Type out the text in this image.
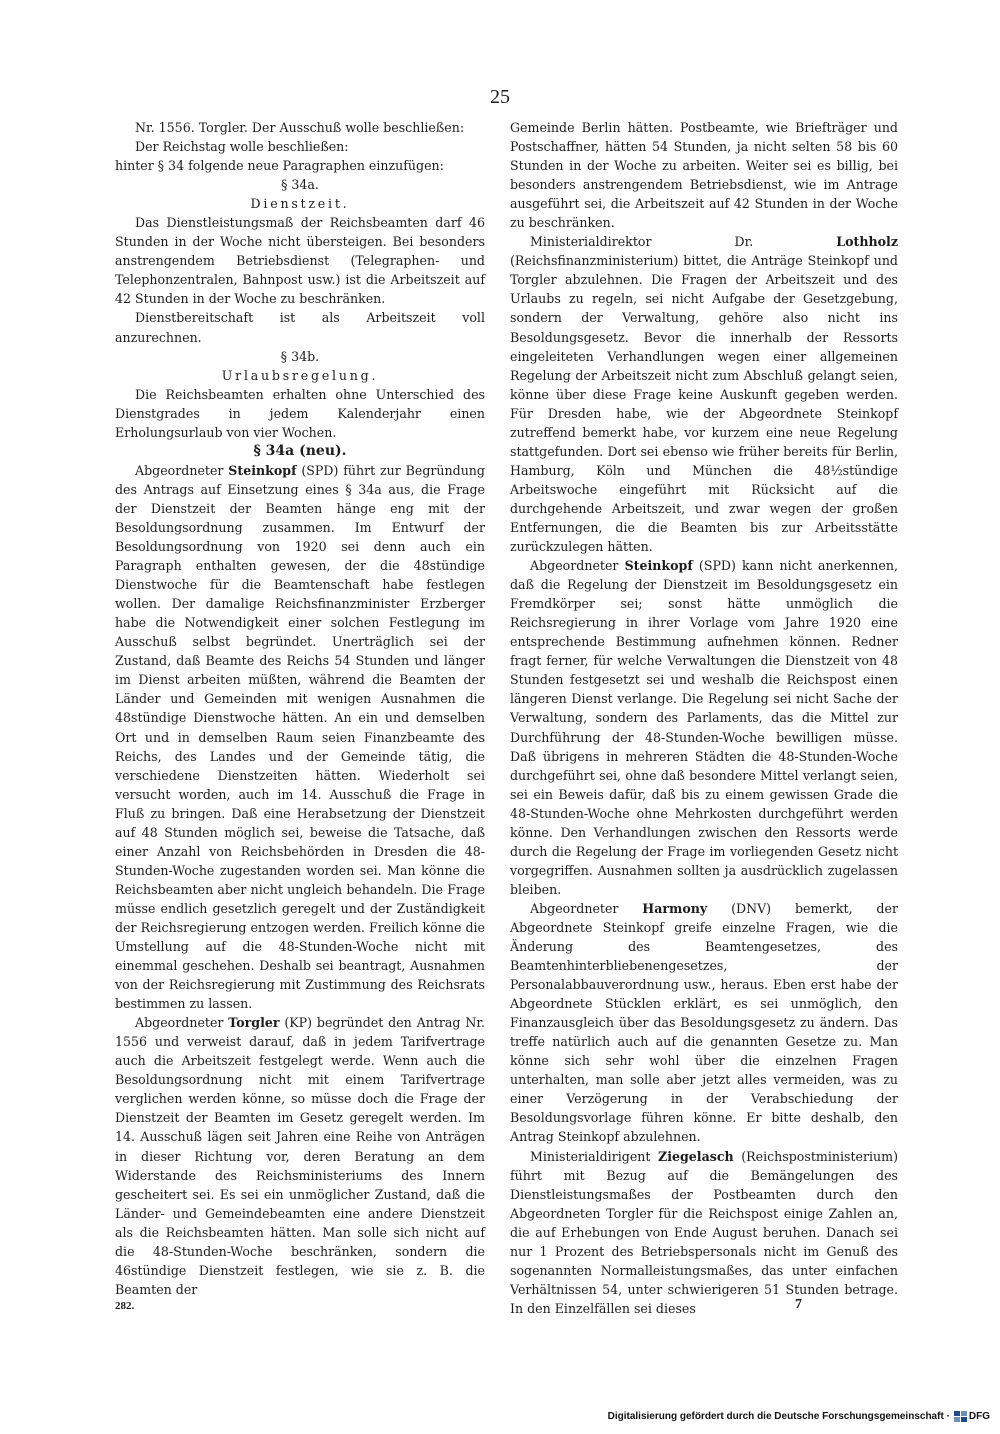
25

Nr. 1556. Torgler. Der Ausschuß wolle beschließen:

Der Reichstag wolle beschließen:

hinter § 34 folgende neue Paragraphen einzufügen:

§ 34a.

Dienstzeit.

Das Dienstleistungsmaß der Reichsbeamten darf 46 Stunden in der Woche nicht übersteigen. Bei besonders anstrengendem Betriebsdienst (Telegraphen- und Telephonzentralen, Bahnpost usw.) ist die Arbeitszeit auf 42 Stunden in der Woche zu beschränken.

Dienstbereitschaft ist als Arbeitszeit voll anzurechnen.

§ 34b.

Urlaubsregelung.

Die Reichsbeamten erhalten ohne Unterschied des Dienstgrades in jedem Kalenderjahr einen Erholungsurlaub von vier Wochen.

§ 34a (neu).

Abgeordneter Steinkopf (SPD) führt zur Begründung des Antrags auf Einsetzung eines § 34a aus, die Frage der Dienstzeit der Beamten hänge eng mit der Besoldungsordnung zusammen. Im Entwurf der Besoldungsordnung von 1920 sei denn auch ein Paragraph enthalten gewesen, der die 48stündige Dienstwoche für die Beamtenschaft habe festlegen wollen. Der damalige Reichsfinanzminister Erzberger habe die Notwendigkeit einer solchen Festlegung im Ausschuß selbst begründet. Unerträglich sei der Zustand, daß Beamte des Reichs 54 Stunden und länger im Dienst arbeiten müßten, während die Beamten der Länder und Gemeinden mit wenigen Ausnahmen die 48stündige Dienstwoche hätten. An ein und demselben Ort und in demselben Raum seien Finanzbeamte des Reichs, des Landes und der Gemeinde tätig, die verschiedene Dienstzeiten hätten. Wiederholt sei versucht worden, auch im 14. Ausschuß die Frage in Fluß zu bringen. Daß eine Herabsetzung der Dienstzeit auf 48 Stunden möglich sei, beweise die Tatsache, daß einer Anzahl von Reichsbehörden in Dresden die 48-Stunden-Woche zugestanden worden sei. Man könne die Reichsbeamten aber nicht ungleich behandeln. Die Frage müsse endlich gesetzlich geregelt und der Zuständigkeit der Reichsregierung entzogen werden. Freilich könne die Umstellung auf die 48-Stunden-Woche nicht mit einemmal geschehen. Deshalb sei beantragt, Ausnahmen von der Reichsregierung mit Zustimmung des Reichsrats bestimmen zu lassen.

Abgeordneter Torgler (KP) begründet den Antrag Nr. 1556 und verweist darauf, daß in jedem Tarifvertrage auch die Arbeitszeit festgelegt werde. Wenn auch die Besoldungsordnung nicht mit einem Tarifvertrage verglichen werden könne, so müsse doch die Frage der Dienstzeit der Beamten im Gesetz geregelt werden. Im 14. Ausschuß lägen seit Jahren eine Reihe von Anträgen in dieser Richtung vor, deren Beratung an dem Widerstande des Reichsministeriums des Innern gescheitert sei. Es sei ein unmöglicher Zustand, daß die Länder- und Gemeindebeamten eine andere Dienstzeit als die Reichsbeamten hätten. Man solle sich nicht auf die 48-Stunden-Woche beschränken, sondern die 46stündige Dienstzeit festlegen, wie sie z. B. die Beamten der

Gemeinde Berlin hätten. Postbeamte, wie Briefträger und Postschaffner, hätten 54 Stunden, ja nicht selten 58 bis 60 Stunden in der Woche zu arbeiten. Weiter sei es billig, bei besonders anstrengendem Betriebsdienst, wie im Antrage ausgeführt sei, die Arbeitszeit auf 42 Stunden in der Woche zu beschränken.

Ministerialdirektor Dr.	Lothholz (Reichsfinanzministerium) bittet, die Anträge Steinkopf und Torgler abzulehnen. Die Fragen der Arbeitszeit und des Urlaubs zu regeln, sei nicht Aufgabe der Gesetzgebung, sondern der Verwaltung, gehöre also nicht ins Besoldungsgesetz. Bevor die innerhalb der Ressorts eingeleiteten Verhandlungen wegen einer allgemeinen Regelung der Arbeitszeit nicht zum Abschluß gelangt seien, könne über diese Frage keine Auskunft gegeben werden. Für Dresden habe, wie der Abgeordnete Steinkopf zutreffend bemerkt habe, vor kurzem eine neue Regelung stattgefunden. Dort sei ebenso wie früher bereits für Berlin, Hamburg, Köln und München die 48½stündige Arbeitswoche eingeführt mit Rücksicht auf die durchgehende Arbeitszeit, und zwar wegen der großen Entfernungen, die die Beamten bis zur Arbeitsstätte zurückzulegen hätten.

Abgeordneter Steinkopf (SPD) kann nicht anerkennen, daß die Regelung der Dienstzeit im Besoldungsgesetz ein Fremdkörper sei; sonst hätte unmöglich die Reichsregierung in ihrer Vorlage vom Jahre 1920 eine entsprechende Bestimmung aufnehmen können. Redner fragt ferner, für welche Verwaltungen die Dienstzeit von 48 Stunden festgesetzt sei und weshalb die Reichspost einen längeren Dienst verlange. Die Regelung sei nicht Sache der Verwaltung, sondern des Parlaments, das die Mittel zur Durchführung der 48-Stunden-Woche bewilligen müsse. Daß übrigens in mehreren Städten die 48-Stunden-Woche durchgeführt sei, ohne daß besondere Mittel verlangt seien, sei ein Beweis dafür, daß bis zu einem gewissen Grade die 48-Stunden-Woche ohne Mehrkosten durchgeführt werden könne. Den Verhandlungen zwischen den Ressorts werde durch die Regelung der Frage im vorliegenden Gesetz nicht vorgegriffen. Ausnahmen sollten ja ausdrücklich zugelassen bleiben.

Abgeordneter Harmony (DNV) bemerkt, der Abgeordnete Steinkopf greife einzelne Fragen, wie die Änderung des Beamtengesetzes, des Beamtenhinterbliebenengesetzes, der Personalabbauverordnung usw., heraus. Eben erst habe der Abgeordnete Stücklen erklärt, es sei unmöglich, den Finanzausgleich über das Besoldungsgesetz zu ändern. Das treffe natürlich auch auf die genannten Gesetze zu. Man könne sich sehr wohl über die einzelnen Fragen unterhalten, man solle aber jetzt alles vermeiden, was zu einer Verzögerung in der Verabschiedung der Besoldungsvorlage führen könne. Er bitte deshalb, den Antrag Steinkopf abzulehnen.

Ministerialdirigent Ziegelasch (Reichspostministerium) führt mit Bezug auf die Bemängelungen des Dienstleistungsmaßes der Postbeamten durch den Abgeordneten Torgler für die Reichspost einige Zahlen an, die auf Erhebungen von Ende August beruhen. Danach sei nur 1 Prozent des Betriebspersonals nicht im Genuß des sogenannten Normalleistungsmaßes, das unter einfachen Verhältnissen 54, unter schwierigeren 51 Stunden betrage. In den Einzelfällen sei dieses

282.	7
Digitalisierung gefördert durch die Deutsche Forschungsgemeinschaft · DFG
